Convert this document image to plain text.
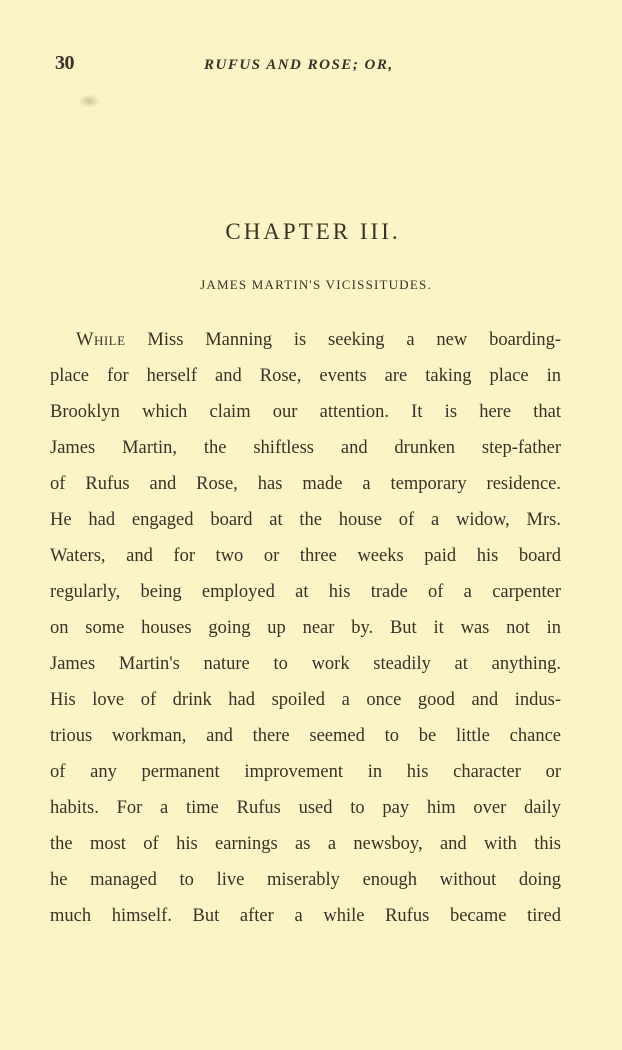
30	RUFUS AND ROSE; OR,
CHAPTER III.
JAMES MARTIN'S VICISSITUDES.
While Miss Manning is seeking a new boarding-
place for herself and Rose, events are taking place in
Brooklyn which claim our attention. It is here that
James Martin, the shiftless and drunken step-father
of Rufus and Rose, has made a temporary residence.
He had engaged board at the house of a widow, Mrs.
Waters, and for two or three weeks paid his board
regularly, being employed at his trade of a carpenter
on some houses going up near by. But it was not in
James Martin's nature to work steadily at anything.
His love of drink had spoiled a once good and indus-
trious workman, and there seemed to be little chance
of any permanent improvement in his character or
habits. For a time Rufus used to pay him over daily
the most of his earnings as a newsboy, and with this
he managed to live miserably enough without doing
much himself. But after a while Rufus became tired
